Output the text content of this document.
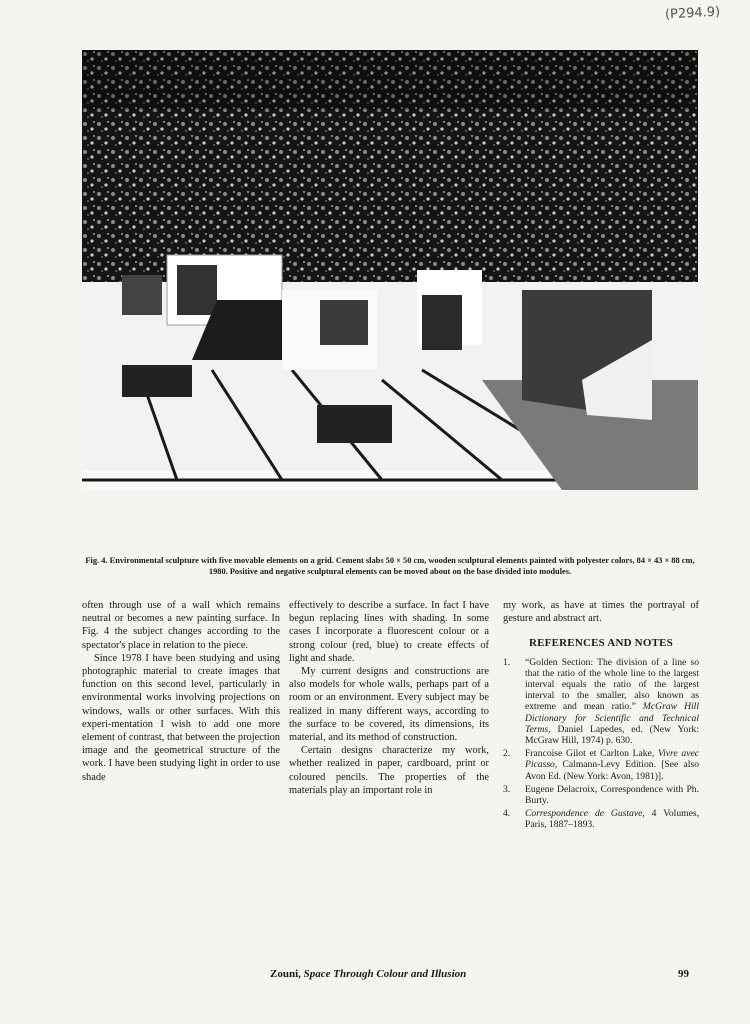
(P294.9)
Fig. 4. Environmental sculpture with five movable elements on a grid. Cement slabs 50 × 50 cm, wooden sculptural elements painted with polyester colors, 84 × 43 × 88 cm, 1980. Positive and negative sculptural elements can be moved about on the base divided into modules.

often through use of a wall which remains neutral or becomes a new painting surface. In Fig. 4 the subject changes according to the spectator's place in relation to the piece.

Since 1978 I have been studying and using photographic material to create images that function on this second level, particularly in environmental works involving projections on windows, walls or other surfaces. With this experi-mentation I wish to add one more element of contrast, that between the projection image and the geometrical structure of the work. I have been studying light in order to use shade

effectively to describe a surface. In fact I have begun replacing lines with shading. In some cases I incorporate a fluorescent colour or a strong colour (red, blue) to create effects of light and shade.

My current designs and constructions are also models for whole walls, perhaps part of a room or an environment. Every subject may be realized in many different ways, according to the surface to be covered, its dimensions, its material, and its method of construction.

Certain designs characterize my work, whether realized in paper, cardboard, print or coloured pencils. The properties of the materials play an important role in

my work, as have at times the portrayal of gesture and abstract art.

REFERENCES AND NOTES

1.	“Golden Section: The division of a line so that the ratio of the whole line to the largest interval equals the ratio of the largest interval to the smaller, also known as extreme and mean ratio.” McGraw Hill Dictionary for Scientific and Technical Terms, Daniel Lapedes, ed. (New York: McGraw Hill, 1974) p. 630.
2.	Francoise Gilot et Carlton Lake, Vivre avec Picasso, Calmann-Levy Edition. [See also Avon Ed. (New York: Avon, 1981)].
3.	Eugene Delacroix, Correspondence with Ph. Burty.
4.	Correspondence de Gustave, 4 Volumes, Paris, 1887–1893.
Zouni, Space Through Colour and Illusion	99
